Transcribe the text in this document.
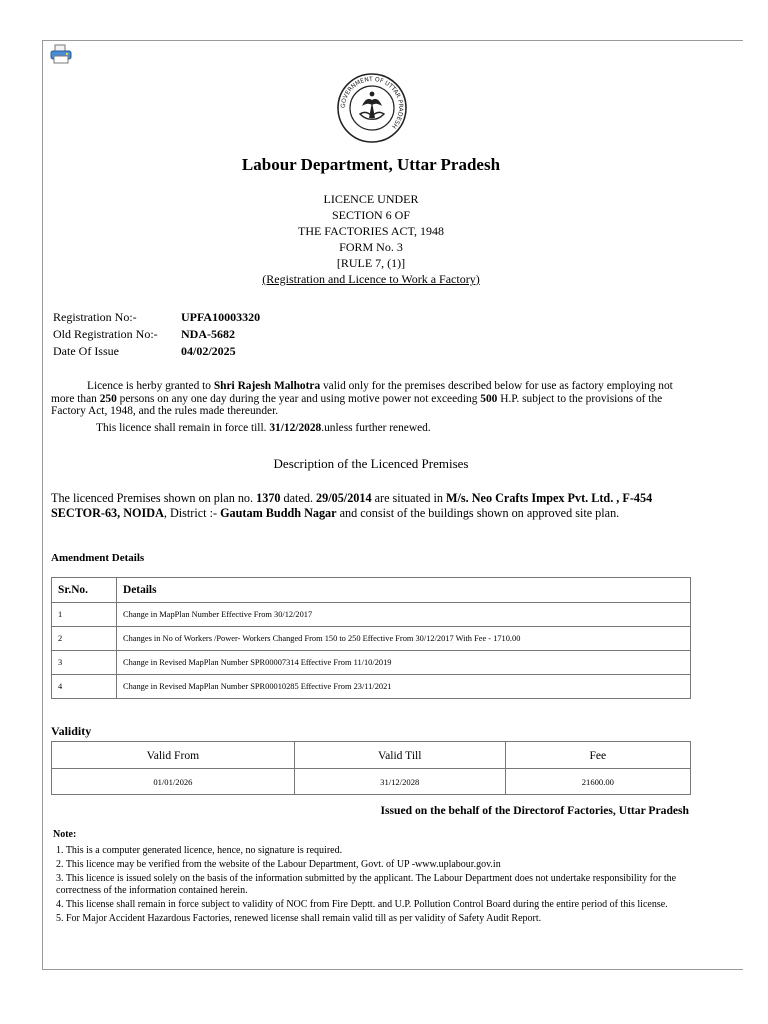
GOVERNMENT OF UTTAR PRADESH
Labour Department, Uttar Pradesh
LICENCE UNDER
SECTION 6 OF
THE FACTORIES ACT, 1948
FORM No. 3
[RULE 7, (1)]
(Registration and Licence to Work a Factory)
Registration No:-	UPFA10003320
Old Registration No:- NDA-5682
Date Of Issue	04/02/2025
Licence is herby granted to Shri Rajesh Malhotra valid only for the premises described below for use as factory employing not more than 250 persons on any one day during the year and using motive power not exceeding 500 H.P. subject to the provisions of the Factory Act, 1948, and the rules made thereunder.
This licence shall remain in force till. 31/12/2028.unless further renewed.
Description of the Licenced Premises
The licenced Premises shown on plan no. 1370 dated. 29/05/2014 are situated in M/s. Neo Crafts Impex Pvt. Ltd. , F-454 SECTOR-63, NOIDA, District :- Gautam Buddh Nagar and consist of the buildings shown on approved site plan.
Amendment Details
Sr.No.	Details
1	Change in MapPlan Number Effective From 30/12/2017
2	Changes in No of Workers /Power- Workers Changed From 150 to 250 Effective From 30/12/2017 With Fee - 1710.00
3	Change in Revised MapPlan Number SPR00007314 Effective From 11/10/2019
4	Change in Revised MapPlan Number SPR00010285 Effective From 23/11/2021
Validity
Valid From	Valid Till	Fee
01/01/2026	31/12/2028	21600.00
Issued on the behalf of the Directorof Factories, Uttar Pradesh
Note:
1. This is a computer generated licence, hence, no signature is required.
2. This licence may be verified from the website of the Labour Department, Govt. of UP -www.uplabour.gov.in
3. This licence is issued solely on the basis of the information submitted by the applicant. The Labour Department does not undertake responsibility for the correctness of the information contained herein.
4. This license shall remain in force subject to validity of NOC from Fire Deptt. and U.P. Pollution Control Board during the entire period of this license.
5. For Major Accident Hazardous Factories, renewed license shall remain valid till as per validity of Safety Audit Report.
